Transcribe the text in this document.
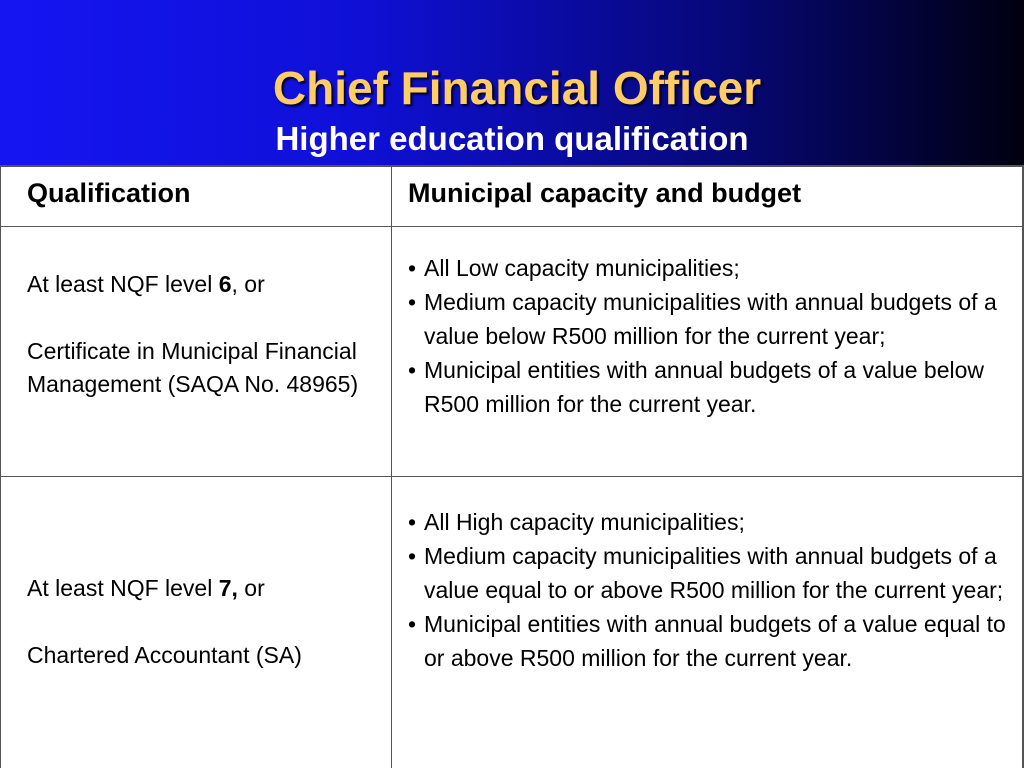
Chief Financial Officer
Higher education qualification
Qualification	Municipal capacity and budget

At least NQF level 6, or

Certificate in Municipal Financial Management (SAQA No. 48965)

• All Low capacity municipalities;
• Medium capacity municipalities with annual budgets of a value below R500 million for the current year;
• Municipal entities with annual budgets of a value below R500 million for the current year.

At least NQF level 7, or

Chartered Accountant (SA)

• All High capacity municipalities;
• Medium capacity municipalities with annual budgets of a value equal to or above R500 million for the current year;
• Municipal entities with annual budgets of a value equal to or above R500 million for the current year.
